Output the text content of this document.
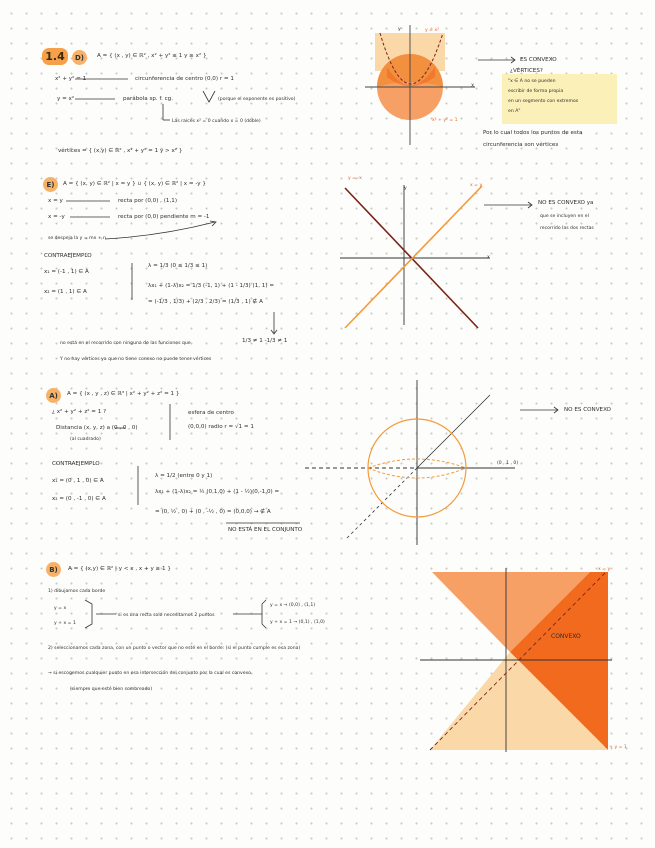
1.4	D)	A = { (x , y) ∈ ℝ² , x² + y² ≤ 1 y ≥ x² }
x² + y² = 1	circunferencia de centro (0,0) r = 1
y = x²	parábola sp. f. cg.	(porque el exponente es positivo)
Las raíces x² = 0 cuando x = 0 (doble)
vértices = { (x,y) ∈ ℝ² , x² + y² = 1 y > x² }
y = x²
x² + y² = 1
X
y
ES CONVEXO
¿VÉRTICES?
"x ∈ A no se pueden
escribir de forma propia
en un segmento con extremos
en A"
Por lo cual todos los puntos de esta
circunferencia son vértices
E)	A = { (x, y) ∈ ℝ² | x = y } ∪ { (x, y) ∈ ℝ² | x = -y }
x = y	recta por (0,0) , (1,1)
x = -y	recta por (0,0) pendiente m = -1
se despeja la y = mx + n
CONTRAEJEMPLO
x₁ = (-1 , 1) ∈ A
x₂ = (1 , 1) ∈ A
λ = 1/3 (0 ≤ 1/3 ≤ 1)
λx₁ + (1-λ)x₂ = 1/3 (-1, 1) + (1 - 1/3) (1, 1) =
= (-1/3 , 1/3) + (2/3 , 2/3) = (1/3 , 1) ∉ A
1/3 ≠ 1 -1/3 ≠ 1
no está en el recorrido con ninguna de las funciones que
Y no hay vértices ya que no tiene conexo no puede tener vértices
y = -x
x = y
y
x
NO ES CONVEXO ya
que se incluyen en el
recorrido las dos rectas
A)	A = { (x , y , z) ∈ ℝ³ | x² + y² + z² = 1 }
¿ x² + y² + z² = 1 ?	esfera de centro
Distancia (x, y, z) a (0 , 0 , 0)
(al cuadrado)
(0,0,0) radio r = √1 = 1
CONTRAEJEMPLO
x₁ = (0 , 1 , 0) ∈ A
x₂ = (0 , -1 , 0) ∈ A
λ = 1/2 (entre 0 y 1)
λx₁ + (1-λ)x₂ = ½ (0,1,0) + (1 - ½)(0,-1,0) =
= (0, ½ , 0) + (0 , -½ , 0) = (0,0,0) → ∉ A
NO ESTÁ EN EL CONJUNTO
(0 , 1 , 0)
NO ES CONVEXO
B)	A = { (x,y) ∈ ℝ² | y < x , x + y ≥ 1 }
1) dibujamos cada borde
y = x
y + x = 1
si es una recta solo necesitamos 2 puntos
y = x → (0,0) , (1,1)
y + x = 1 → (0,1) , (1,0)
2) seleccionamos cada zona, con un punto o vector que no esté en el borde: (si el punto cumple es esa zona)
→ si escogemos cualquier punto en esa intersección del conjunto por la cual es convexo
(siempre que esté bien sombreado)
CONVEXO
x = y
x + y = 1
